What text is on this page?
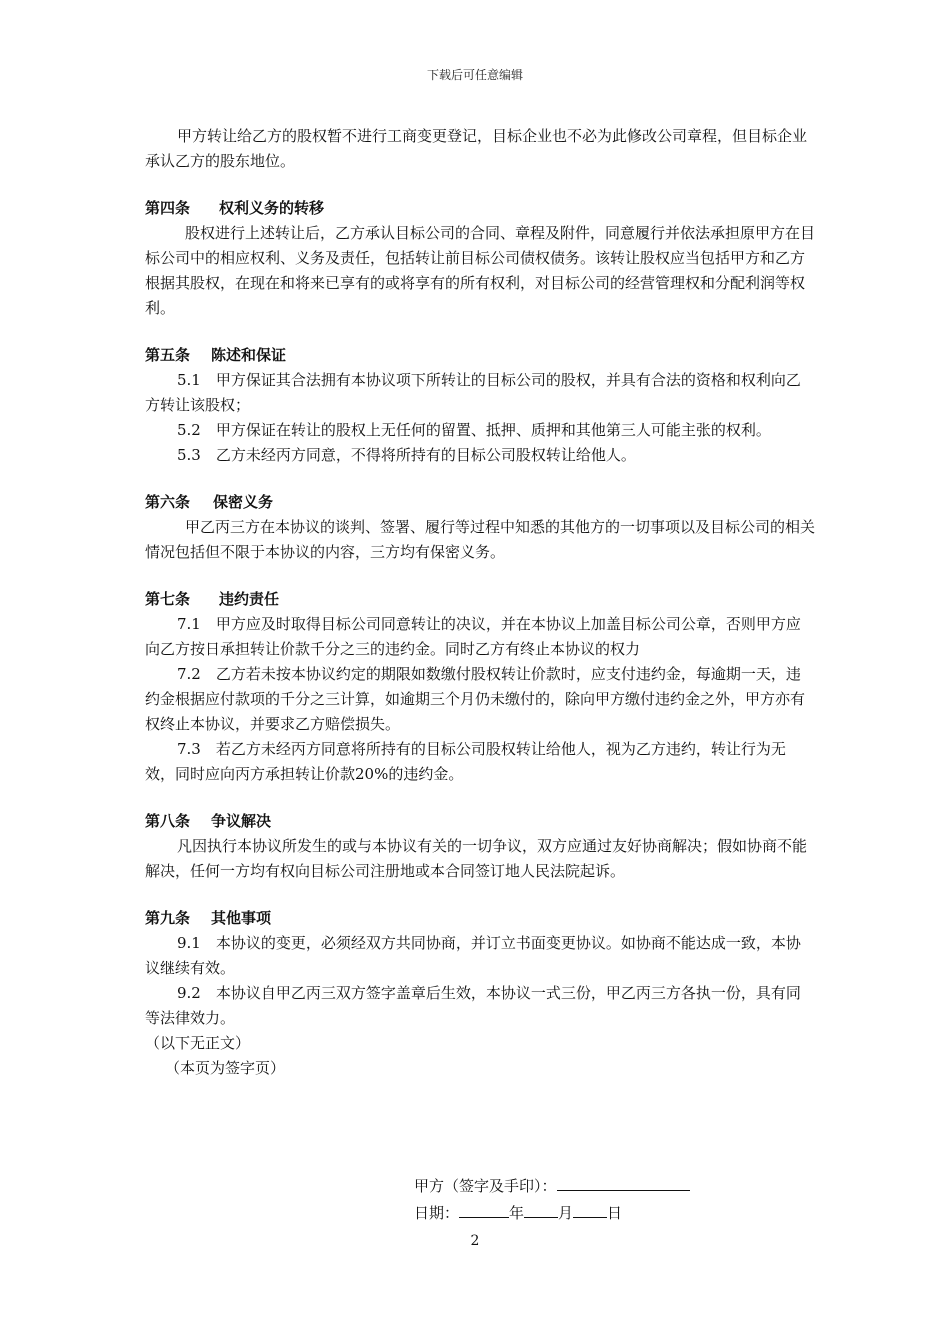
下载后可任意编辑

甲方转让给乙方的股权暂不进行工商变更登记，目标企业也不必为此修改公司章程，但目标企业承认乙方的股东地位。

第四条 权利义务的转移

股权进行上述转让后，乙方承认目标公司的合同、章程及附件，同意履行并依法承担原甲方在目标公司中的相应权利、义务及责任，包括转让前目标公司债权债务。该转让股权应当包括甲方和乙方根据其股权，在现在和将来已享有的或将享有的所有权利，对目标公司的经营管理权和分配利润等权利。

第五条 陈述和保证

5.1　甲方保证其合法拥有本协议项下所转让的目标公司的股权，并具有合法的资格和权利向乙方转让该股权；

5.2　甲方保证在转让的股权上无任何的留置、抵押、质押和其他第三人可能主张的权利。

5.3　乙方未经丙方同意，不得将所持有的目标公司股权转让给他人。

第六条 保密义务

甲乙丙三方在本协议的谈判、签署、履行等过程中知悉的其他方的一切事项以及目标公司的相关情况包括但不限于本协议的内容，三方均有保密义务。

第七条 违约责任

7.1　甲方应及时取得目标公司同意转让的决议，并在本协议上加盖目标公司公章，否则甲方应向乙方按日承担转让价款千分之三的违约金。同时乙方有终止本协议的权力

7.2　乙方若未按本协议约定的期限如数缴付股权转让价款时，应支付违约金，每逾期一天，违约金根据应付款项的千分之三计算，如逾期三个月仍未缴付的，除向甲方缴付违约金之外，甲方亦有权终止本协议，并要求乙方赔偿损失。

7.3　若乙方未经丙方同意将所持有的目标公司股权转让给他人，视为乙方违约，转让行为无效，同时应向丙方承担转让价款20%的违约金。

第八条 争议解决

凡因执行本协议所发生的或与本协议有关的一切争议，双方应通过友好协商解决；假如协商不能解决，任何一方均有权向目标公司注册地或本合同签订地人民法院起诉。

第九条 其他事项

9.1　本协议的变更，必须经双方共同协商，并订立书面变更协议。如协商不能达成一致，本协议继续有效。

9.2　本协议自甲乙丙三双方签字盖章后生效，本协议一式三份，甲乙丙三方各执一份，具有同等法律效力。

（以下无正文）

（本页为签字页）

甲方（签字及手印）：
日期：	年 月 日
2
